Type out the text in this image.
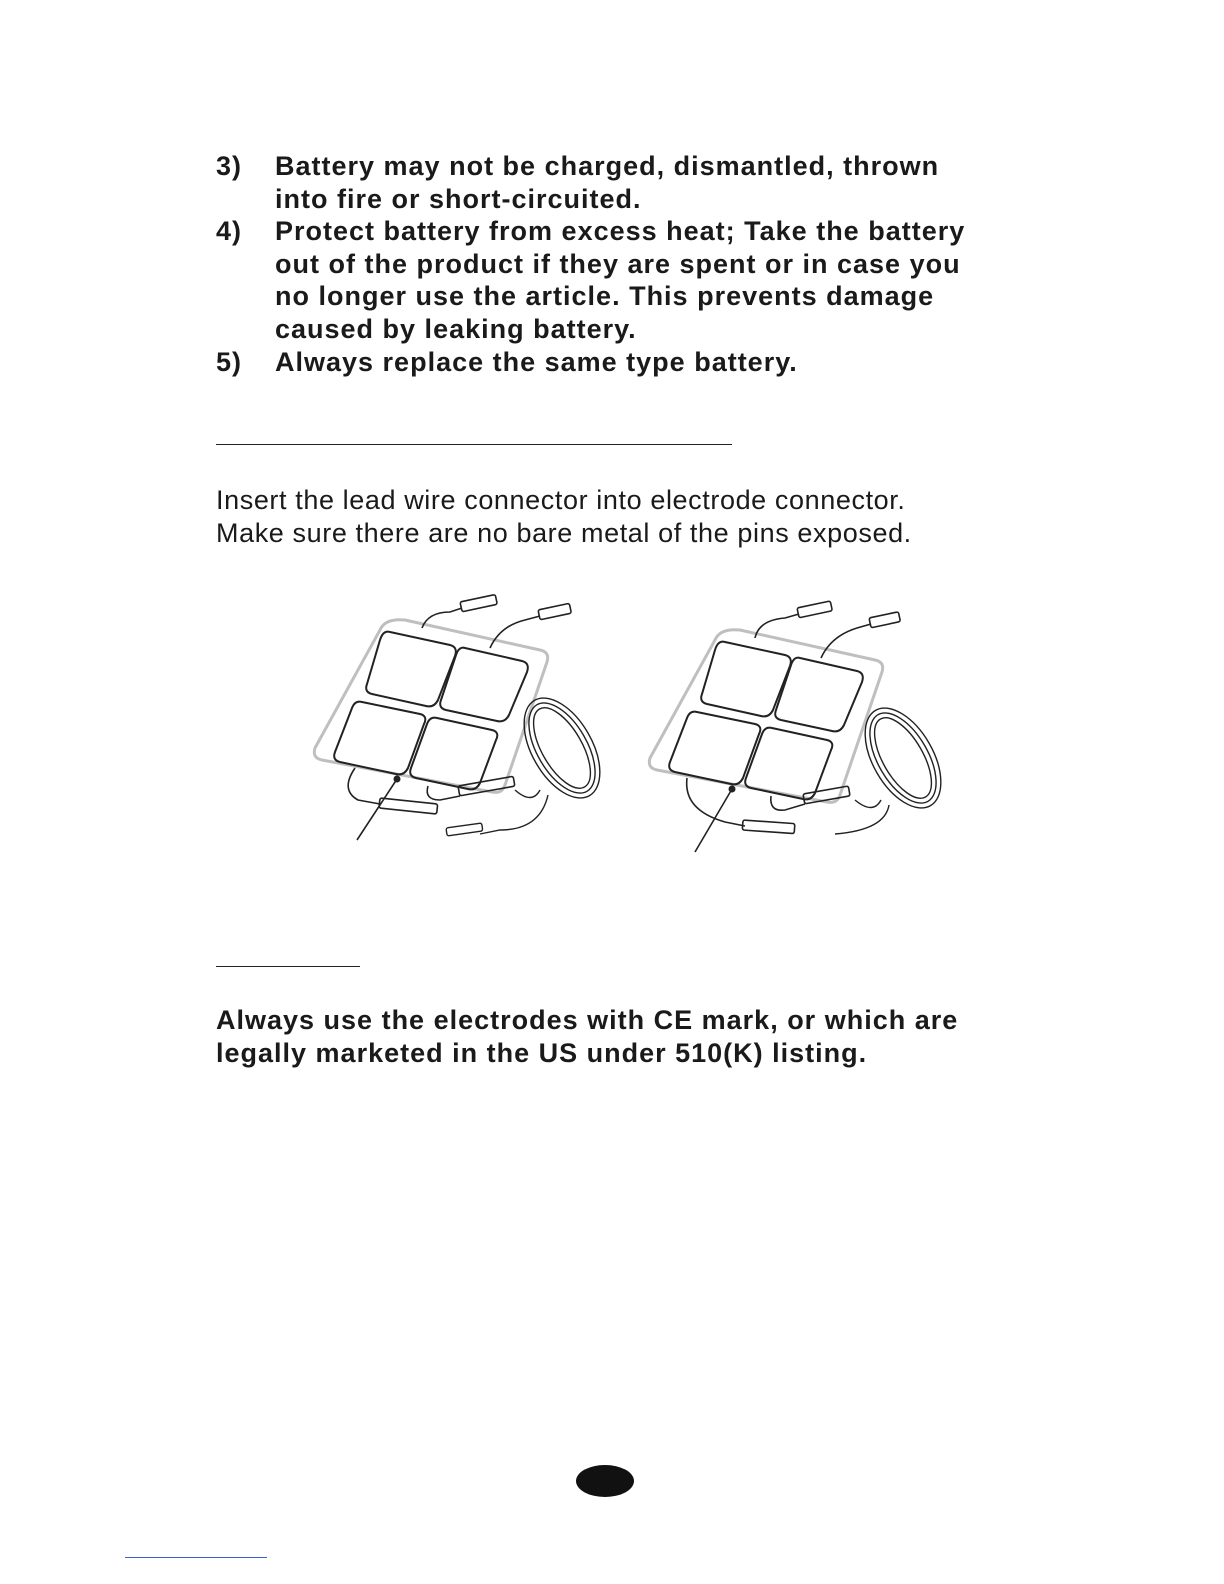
3) Battery may not be charged, dismantled, thrown
into fire or short-circuited.
4) Protect battery from excess heat; Take the battery
out of the product if they are spent or in case you
no longer use the article. This prevents damage
caused by leaking battery.
5) Always replace the same type battery.

Insert the lead wire connector into electrode connector.
Make sure there are no bare metal of the pins exposed.

Always use the electrodes with CE mark, or which are
legally marketed in the US under 510(K) listing.
